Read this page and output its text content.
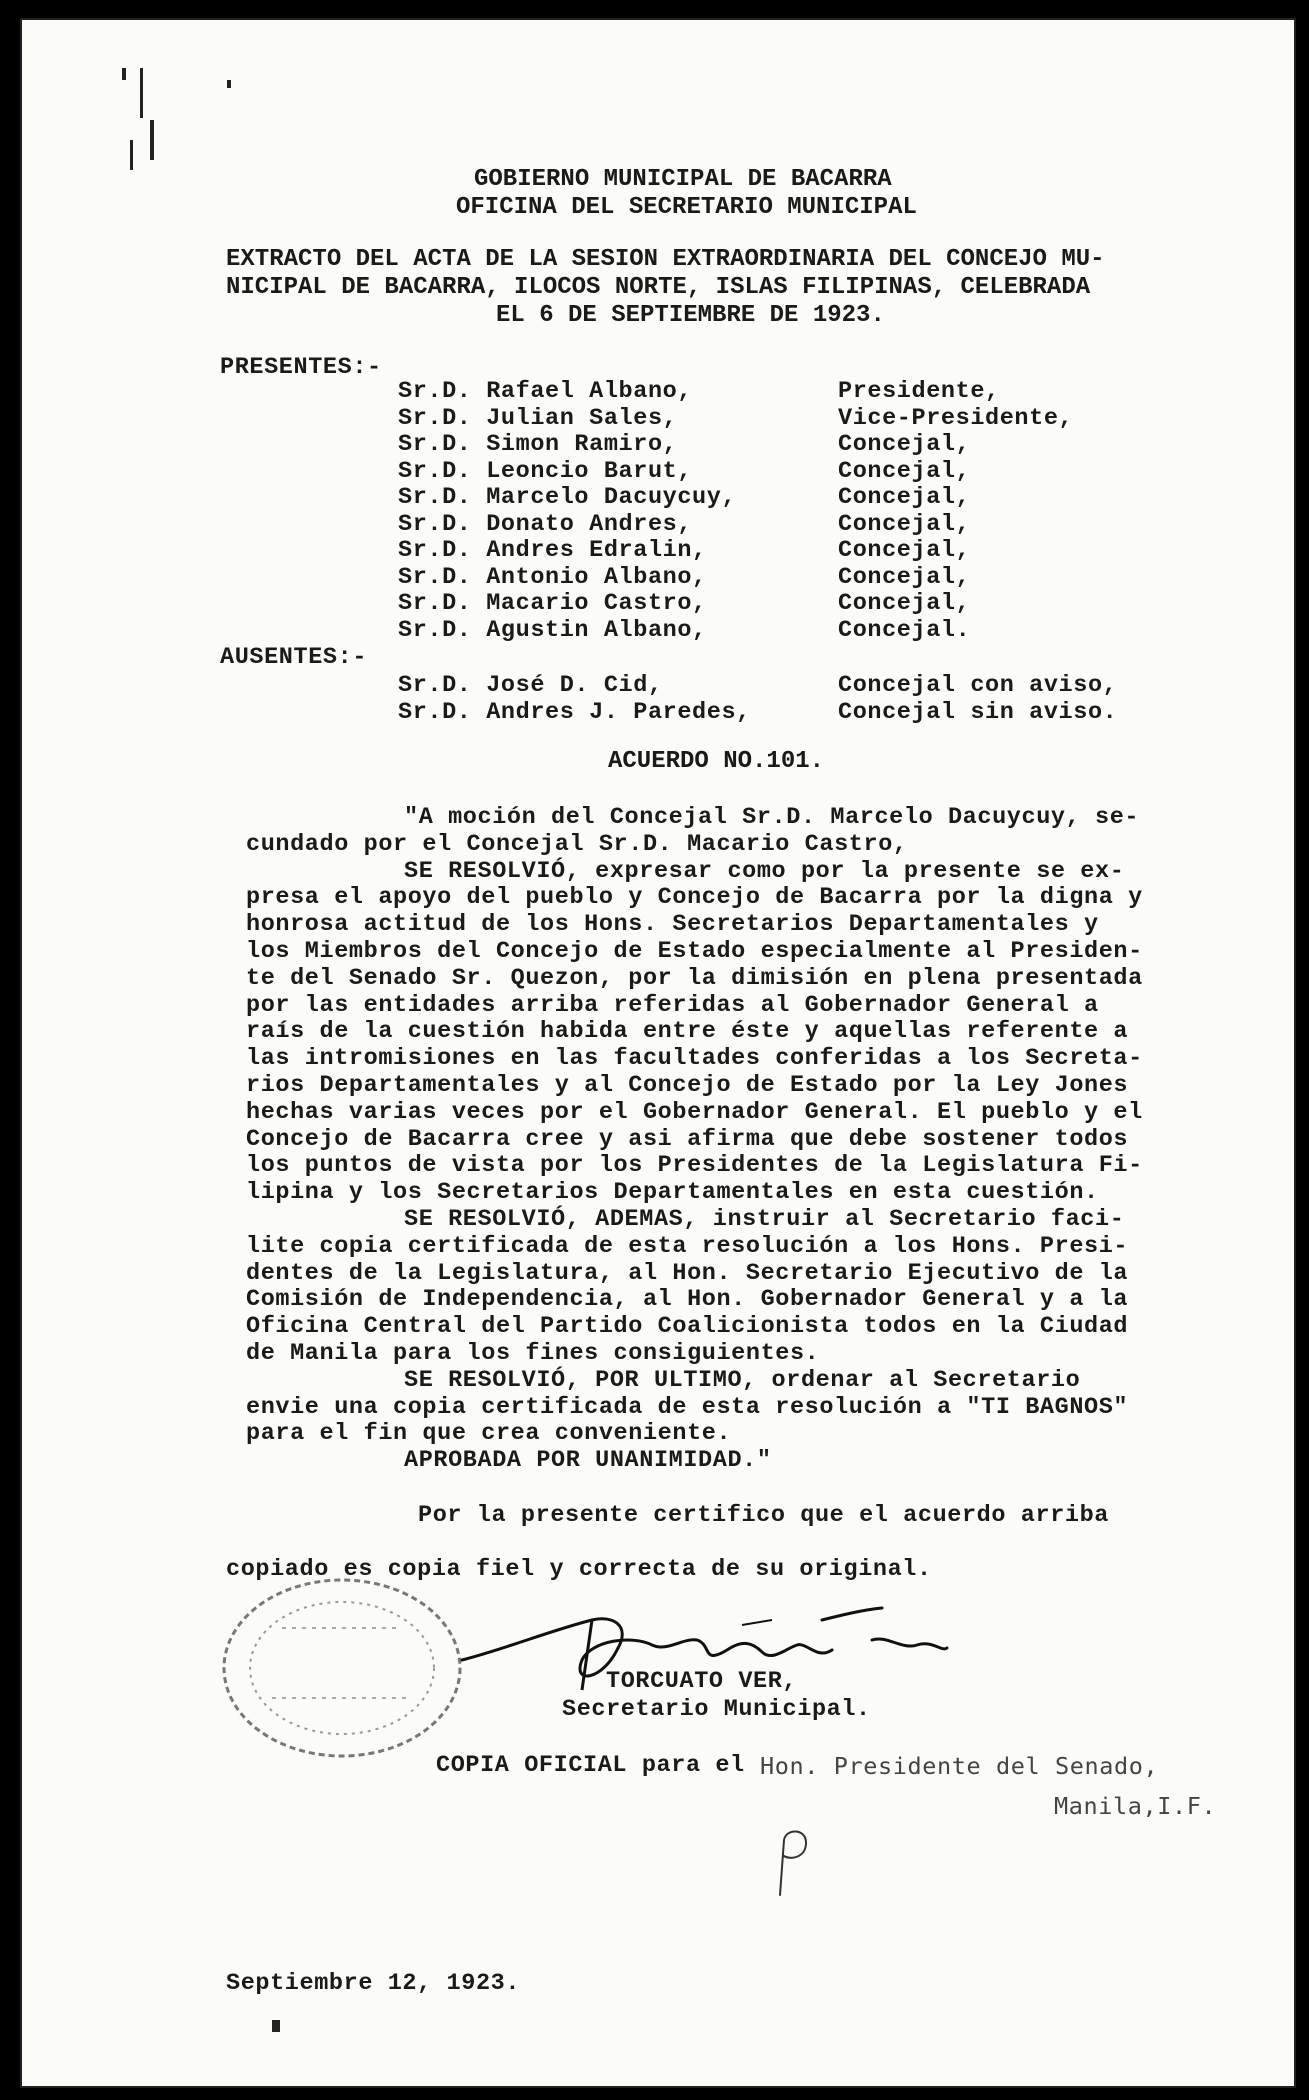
GOBIERNO MUNICIPAL DE BACARRA
OFICINA DEL SECRETARIO MUNICIPAL
EXTRACTO DEL ACTA DE LA SESION EXTRAORDINARIA DEL CONCEJO MU-
NICIPAL DE BACARRA, ILOCOS NORTE, ISLAS FILIPINAS, CELEBRADA
EL 6 DE SEPTIEMBRE DE 1923.
PRESENTES:-
Sr.D. Rafael Albano,	Presidente,
Sr.D. Julian Sales,	Vice-Presidente,
Sr.D. Simon Ramiro,	Concejal,
Sr.D. Leoncio Barut,	Concejal,
Sr.D. Marcelo Dacuycuy,	Concejal,
Sr.D. Donato Andres,	Concejal,
Sr.D. Andres Edralin,	Concejal,
Sr.D. Antonio Albano,	Concejal,
Sr.D. Macario Castro,	Concejal,
Sr.D. Agustin Albano,	Concejal.
AUSENTES:-
Sr.D. José D. Cid,	Concejal con aviso,
Sr.D. Andres J. Paredes,	Concejal sin aviso.
ACUERDO NO.101.
"A moción del Concejal Sr.D. Marcelo Dacuycuy, se-
cundado por el Concejal Sr.D. Macario Castro,
SE RESOLVIÓ, expresar como por la presente se ex-
presa el apoyo del pueblo y Concejo de Bacarra por la digna y
honrosa actitud de los Hons. Secretarios Departamentales y
los Miembros del Concejo de Estado especialmente al Presiden-
te del Senado Sr. Quezon, por la dimisión en plena presentada
por las entidades arriba referidas al Gobernador General a
raís de la cuestión habida entre éste y aquellas referente a
las intromisiones en las facultades conferidas a los Secreta-
rios Departamentales y al Concejo de Estado por la Ley Jones
hechas varias veces por el Gobernador General. El pueblo y el
Concejo de Bacarra cree y asi afirma que debe sostener todos
los puntos de vista por los Presidentes de la Legislatura Fi-
lipina y los Secretarios Departamentales en esta cuestión.
SE RESOLVIÓ, ADEMAS, instruir al Secretario faci-
lite copia certificada de esta resolución a los Hons. Presi-
dentes de la Legislatura, al Hon. Secretario Ejecutivo de la
Comisión de Independencia, al Hon. Gobernador General y a la
Oficina Central del Partido Coalicionista todos en la Ciudad
de Manila para los fines consiguientes.
SE RESOLVIÓ, POR ULTIMO, ordenar al Secretario
envie una copia certificada de esta resolución a "TI BAGNOS"
para el fin que crea conveniente.
APROBADA POR UNANIMIDAD."
Por la presente certifico que el acuerdo arriba
copiado es copia fiel y correcta de su original.
TORCUATO VER,
Secretario Municipal.
COPIA OFICIAL para el Hon. Presidente del Senado,
Manila,I.F.
Septiembre 12, 1923.
